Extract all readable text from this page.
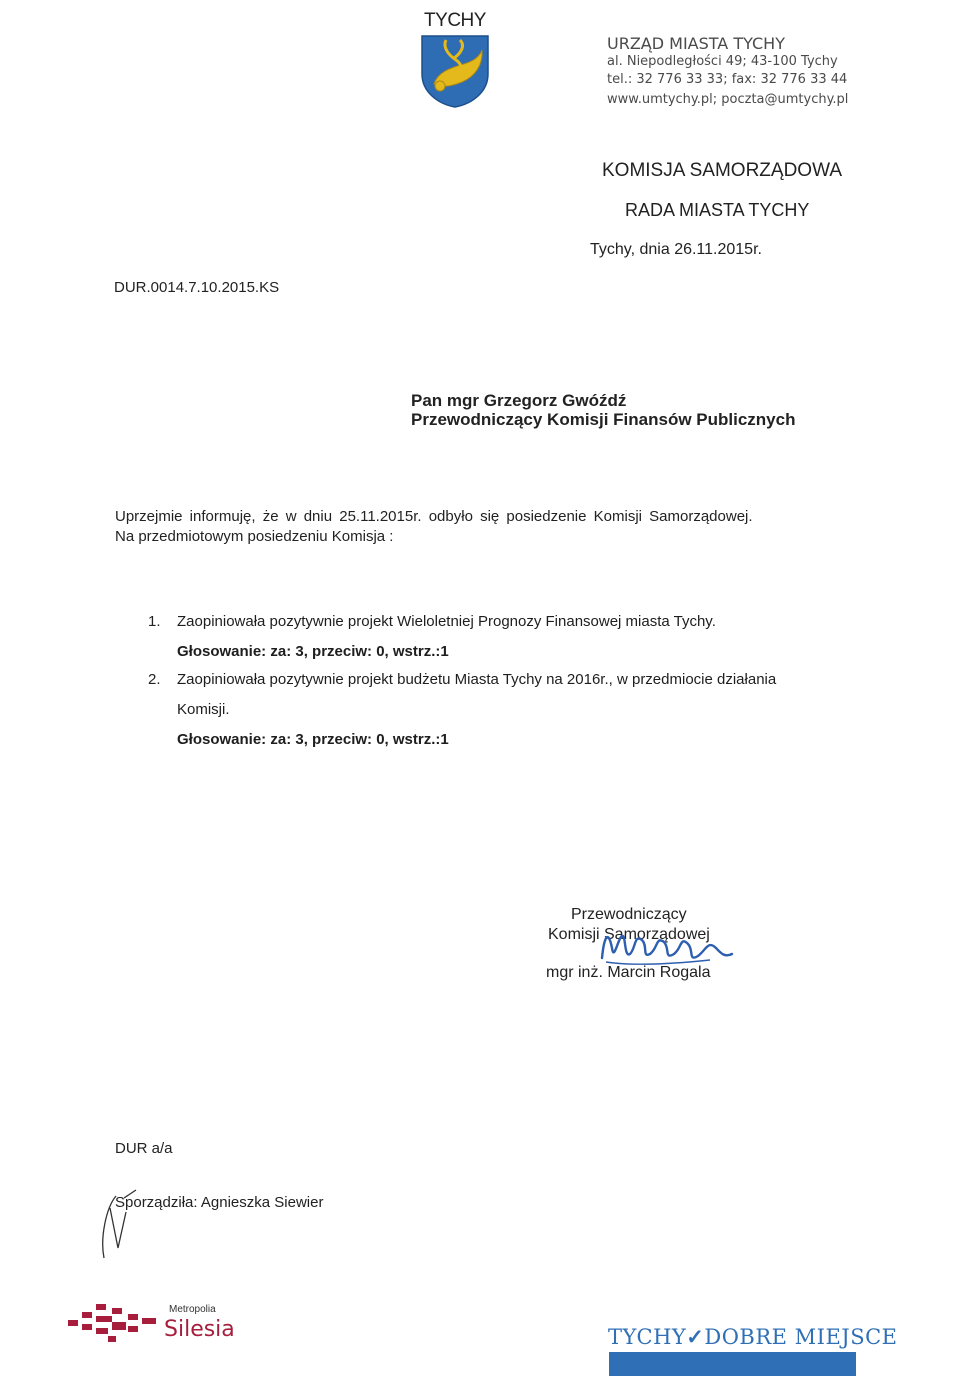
TYCHY
URZĄD MIASTA TYCHY
al. Niepodległości 49; 43-100 Tychy
tel.: 32 776 33 33; fax: 32 776 33 44
www.umtychy.pl; poczta@umtychy.pl
KOMISJA SAMORZĄDOWA
RADA MIASTA TYCHY
Tychy, dnia 26.11.2015r.
DUR.0014.7.10.2015.KS
Pan mgr Grzegorz Gwóźdź
Przewodniczący Komisji Finansów Publicznych
Uprzejmie informuję, że w dniu 25.11.2015r. odbyło się posiedzenie Komisji Samorządowej.
Na przedmiotowym posiedzeniu Komisja :
1. Zaopiniowała pozytywnie projekt Wieloletniej Prognozy Finansowej miasta Tychy.
Głosowanie: za: 3, przeciw: 0, wstrz.:1
2. Zaopiniowała pozytywnie projekt budżetu Miasta Tychy na 2016r., w przedmiocie działania
Komisji.
Głosowanie: za: 3, przeciw: 0, wstrz.:1
Przewodniczący
Komisji Samorządowej
mgr inż. Marcin Rogala
DUR a/a
Sporządziła: Agnieszka Siewier
Metropolia
Silesia	TYCHY✓DOBRE MIEJSCE
